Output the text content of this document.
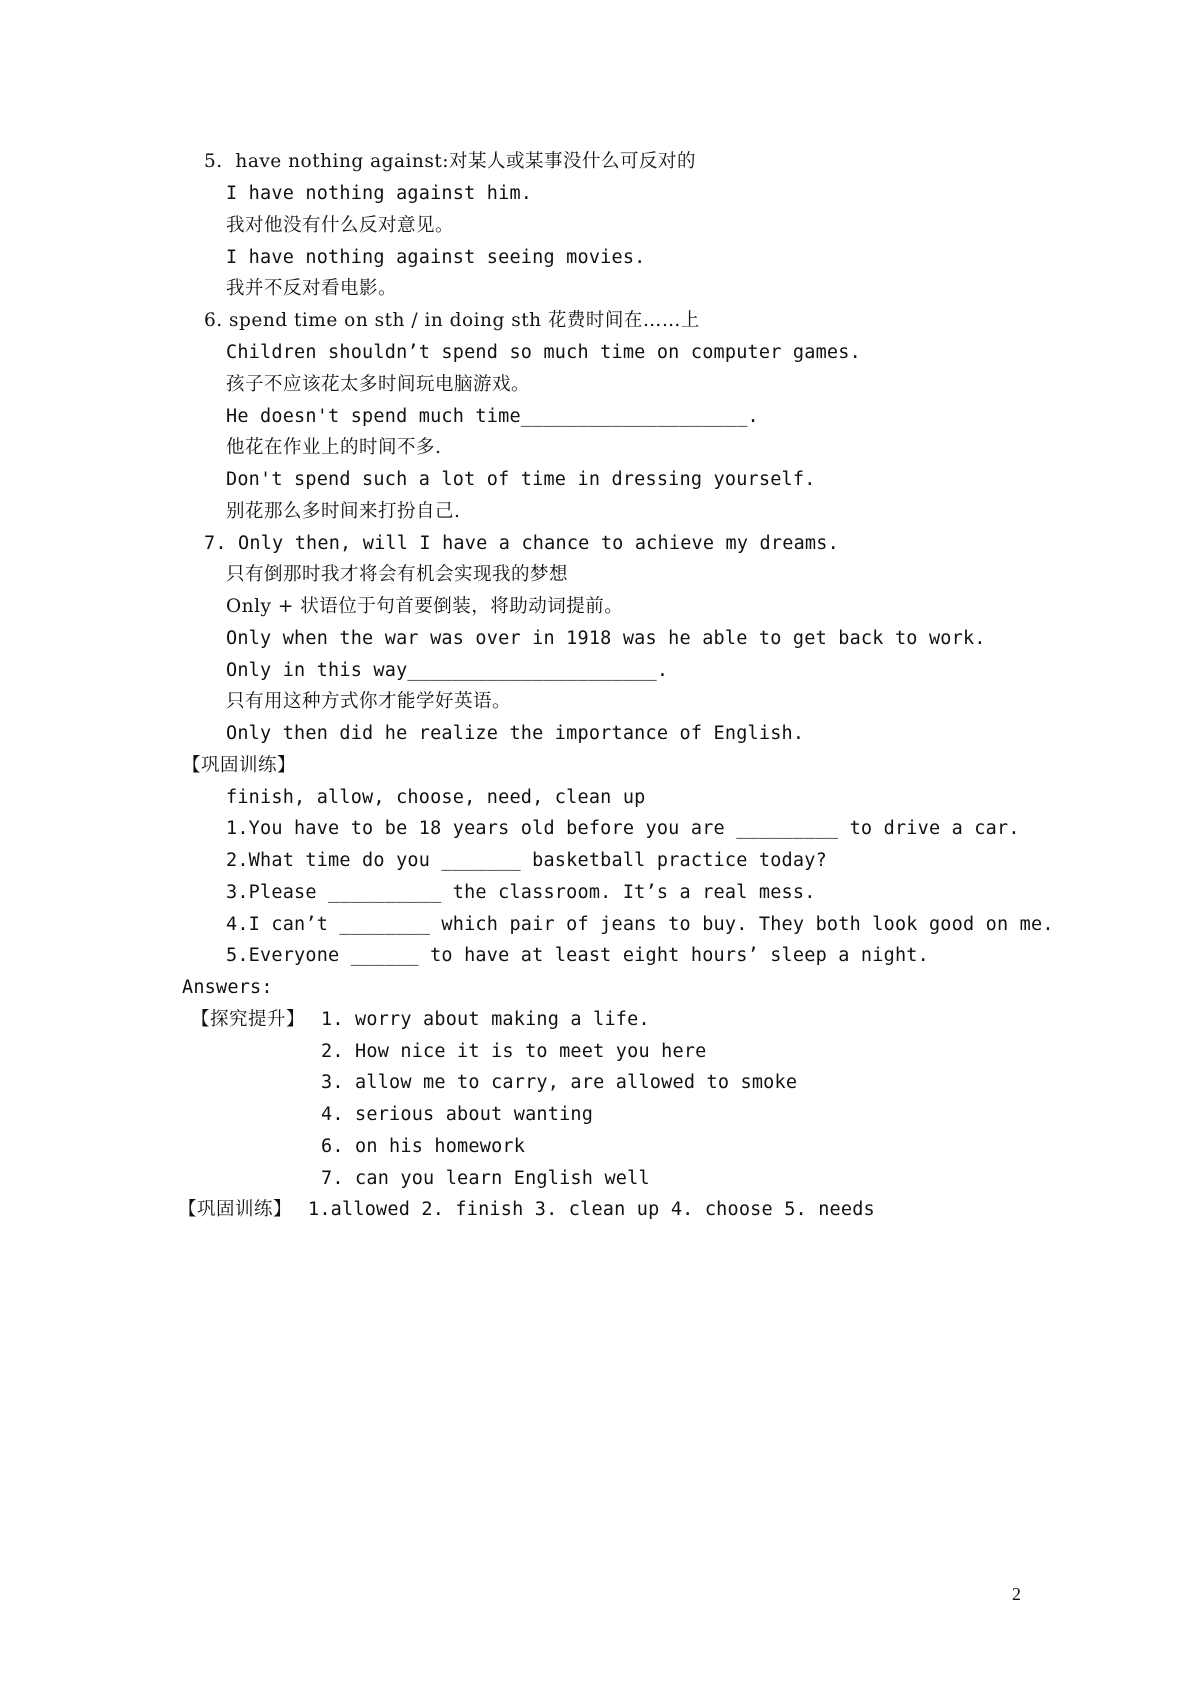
5.  have nothing against:对某人或某事没什么可反对的
I have nothing against him.
我对他没有什么反对意见。
I have nothing against seeing movies.
我并不反对看电影。
6. spend time on sth / in doing sth 花费时间在……上
Children shouldn’t spend so much time on computer games.
孩子不应该花太多时间玩电脑游戏。
He doesn't spend much time____________________.
他花在作业上的时间不多.
Don't spend such a lot of time in dressing yourself.
别花那么多时间来打扮自己.
7. Only then, will I have a chance to achieve my dreams.
只有倒那时我才将会有机会实现我的梦想
Only + 状语位于句首要倒装，将助动词提前。
Only when the war was over in 1918 was he able to get back to work.
Only in this way______________________.
只有用这种方式你才能学好英语。
Only then did he realize the importance of English.
【巩固训练】
finish, allow, choose, need, clean up
1.You have to be 18 years old before you are _________ to drive a car.
2.What time do you _______ basketball practice today?
3.Please __________ the classroom. It’s a real mess.
4.I can’t ________ which pair of jeans to buy. They both look good on me.
5.Everyone ______ to have at least eight hours’ sleep a night.
Answers:
【探究提升】 1. worry about making a life.
2. How nice it is to meet you here
3. allow me to carry, are allowed to smoke
4. serious about wanting
6. on his homework
7. can you learn English well
【巩固训练】 1.allowed 2. finish 3. clean up 4. choose 5. needs
2
